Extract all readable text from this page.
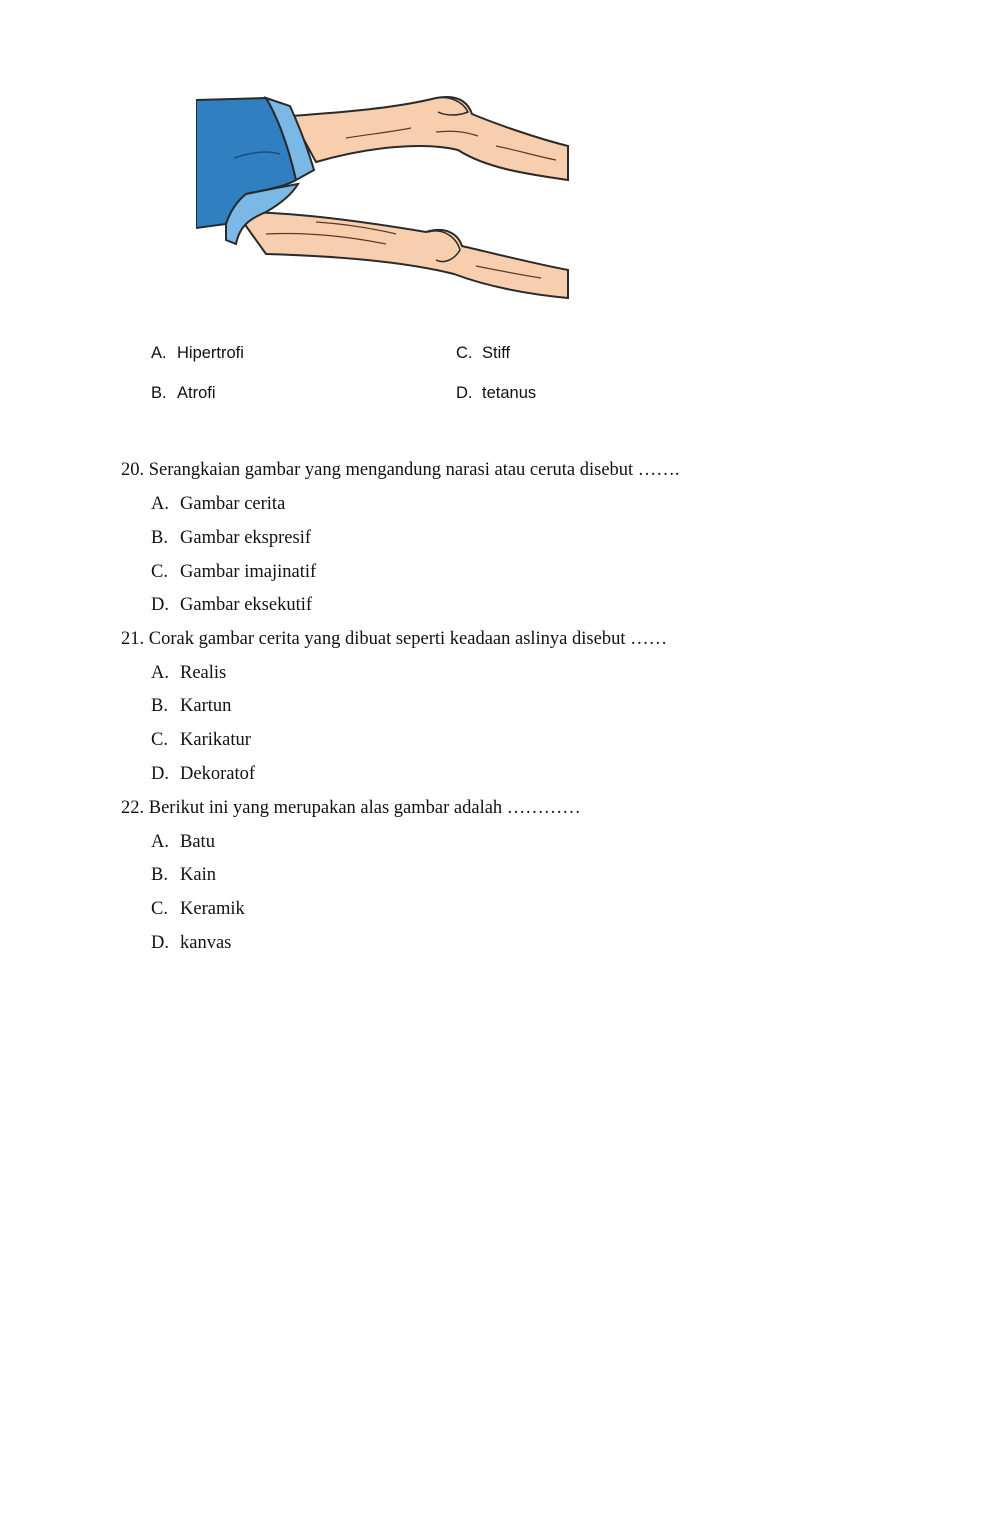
A. Hipertrofi
B. Atrofi
C. Stiff
D. tetanus
20. Serangkaian gambar yang mengandung narasi atau ceruta disebut …….
A. Gambar cerita
B. Gambar ekspresif
C. Gambar imajinatif
D. Gambar eksekutif
21. Corak gambar cerita yang dibuat seperti keadaan aslinya disebut ……
A. Realis
B. Kartun
C. Karikatur
D. Dekoratof
22. Berikut ini yang merupakan alas gambar adalah …………
A. Batu
B. Kain
C. Keramik
D. kanvas
